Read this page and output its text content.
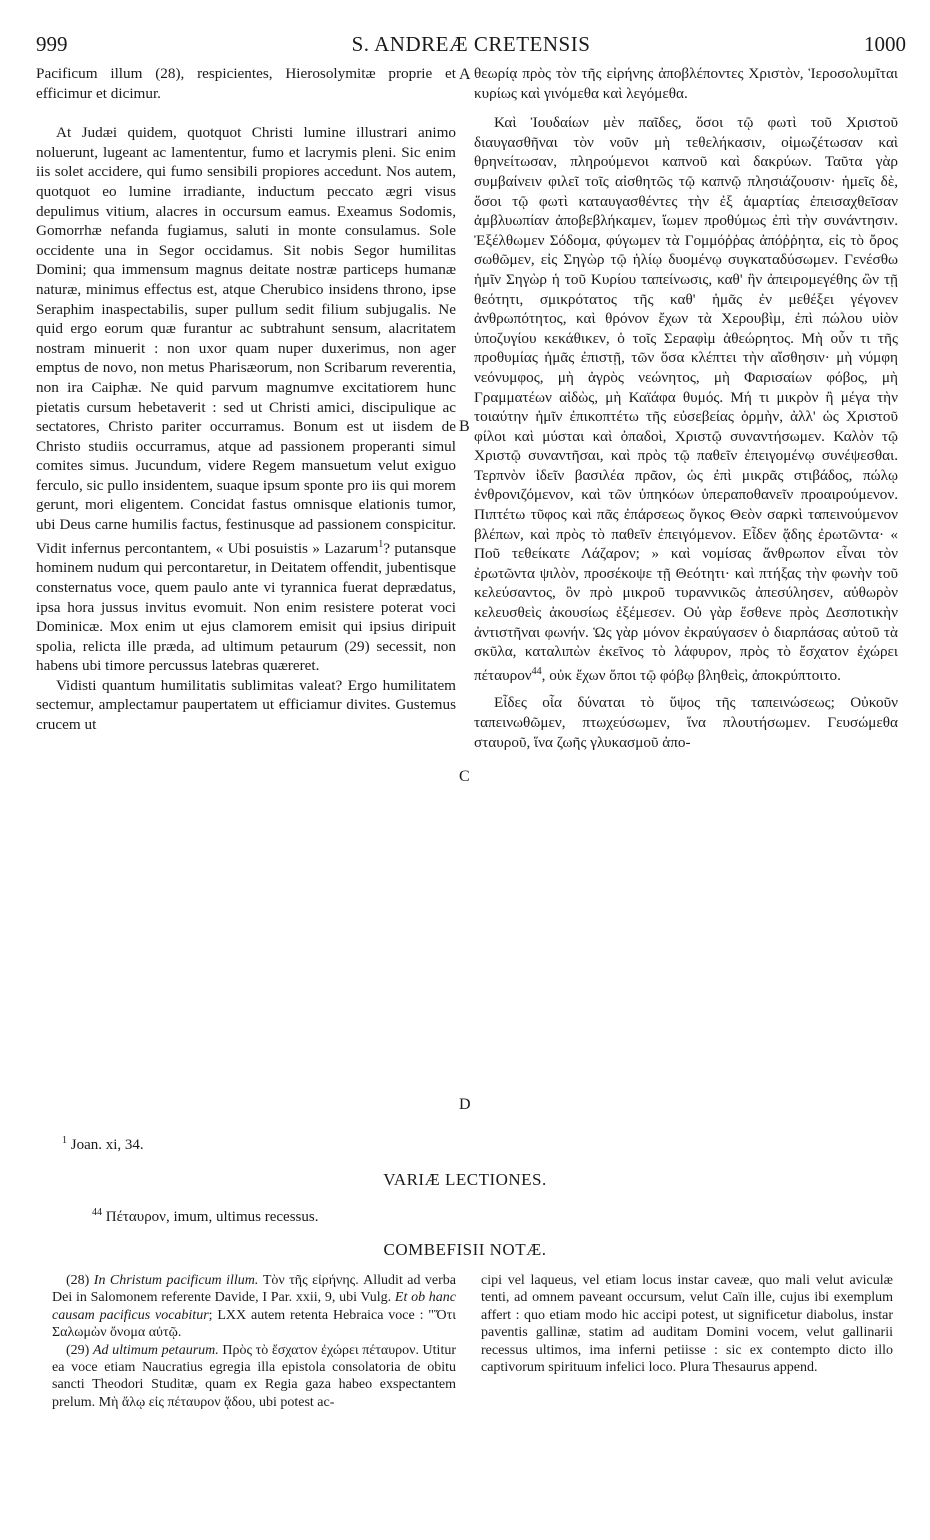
999	S. ANDREÆ CRETENSIS	1000

Pacificum illum (28), respicientes, Hierosolymitæ proprie et efficimur et dicimur.

At Judæi quidem, quotquot Christi lumine illustrari animo noluerunt, lugeant ac lamententur, fumo et lacrymis pleni. Sic enim iis solet accidere, qui fumo sensibili propiores accedunt. Nos autem, quotquot eo lumine irradiante, inductum peccato ægri visus depulimus vitium, alacres in occursum eamus. Exeamus Sodomis, Gomorrhæ nefanda fugiamus, saluti in monte consulamus. Sole occidente una in Segor occidamus. Sit nobis Segor humilitas Domini; qua immensum magnus deitate nostræ particeps humanæ naturæ, minimus effectus est, atque Cherubico insidens throno, ipse Seraphim inaspectabilis, super pullum sedit filium subjugalis. Ne quid ergo eorum quæ furantur ac subtrahunt sensum, alacritatem nostram minuerit : non uxor quam nuper duxerimus, non ager emptus de novo, non metus Pharisæorum, non Scribarum reverentia, non ira Caiphæ. Ne quid parvum magnumve excitatiorem hunc pietatis cursum hebetaverit : sed ut Christi amici, discipulique ac sectatores, Christo pariter occurramus. Bonum est ut iisdem de Christo studiis occurramus, atque ad passionem properanti simul comites simus. Jucundum, videre Regem mansuetum velut exiguo ferculo, sic pullo insidentem, suaque ipsum sponte pro iis qui morem gerunt, mori eligentem. Concidat fastus omnisque elationis tumor, ubi Deus carne humilis factus, festinusque ad passionem conspicitur. Vidit infernus percontantem, « Ubi posuistis » Lazarum$^1$? putansque hominem nudum qui percontaretur, in Deitatem offendit, jubentisque consternatus voce, quem paulo ante vi tyrannica fuerat deprædatus, ipsa hora jussus invitus evomuit. Non enim resistere poterat voci Dominicæ. Mox enim ut ejus clamorem emisit qui ipsius diripuit spolia, relicta ille præda, ad ultimum petaurum (29) secessit, non habens ubi timore percussus latebras quæreret.

Vidisti quantum humilitatis sublimitas valeat? Ergo humilitatem sectemur, amplectamur paupertatem ut efficiamur divites. Gustemus crucem ut

A
B
C
D

θεωρίᾳ πρὸς τὸν τῆς εἰρήνης ἀποβλέποντες Χριστὸν, Ἱεροσολυμῖται κυρίως καὶ γινόμεθα καὶ λεγόμεθα.

Καὶ Ἰουδαίων μὲν παῖδες, ὅσοι τῷ φωτὶ τοῦ Χριστοῦ διαυγασθῆναι τὸν νοῦν μὴ τεθελήκασιν, οἰμωζέτωσαν καὶ θρηνείτωσαν, πληρούμενοι καπνοῦ καὶ δακρύων. Ταῦτα γὰρ συμβαίνειν φιλεῖ τοῖς αἰσθητῶς τῷ καπνῷ πλησιάζουσιν· ἡμεῖς δὲ, ὅσοι τῷ φωτὶ καταυγασθέντες τὴν ἐξ ἁμαρτίας ἐπεισαχθεῖσαν ἀμβλυωπίαν ἀποβεβλήκαμεν, ἴωμεν προθύμως ἐπὶ τὴν συνάντησιν. Ἐξέλθωμεν Σόδομα, φύγωμεν τὰ Γομμόῤῥας ἀπόῤῥητα, εἰς τὸ ὄρος σωθῶμεν, εἰς Σηγὼρ τῷ ἡλίῳ δυομένῳ συγκαταδύσωμεν. Γενέσθω ἡμῖν Σηγὼρ ἡ τοῦ Κυρίου ταπείνωσις, καθ' ἣν ἀπειρομεγέθης ὢν τῇ θεότητι, σμικρότατος τῆς καθ' ἡμᾶς ἐν μεθέξει γέγονεν ἀνθρωπότητος, καὶ θρόνον ἔχων τὰ Χερουβὶμ, ἐπὶ πώλου υἱὸν ὑποζυγίου κεκάθικεν, ὁ τοῖς Σεραφὶμ ἀθεώρητος. Μὴ οὖν τι τῆς προθυμίας ἡμᾶς ἐπιστῇ, τῶν ὅσα κλέπτει τὴν αἴσθησιν· μὴ νύμφη νεόνυμφος, μὴ ἀγρὸς νεώνητος, μὴ Φαρισαίων φόβος, μὴ Γραμματέων αἰδὼς, μὴ Καϊάφα θυμός. Μή τι μικρὸν ἢ μέγα τὴν τοιαύτην ἡμῖν ἐπικοπτέτω τῆς εὐσεβείας ὁρμὴν, ἀλλ' ὡς Χριστοῦ φίλοι καὶ μύσται καὶ ὀπαδοὶ, Χριστῷ συναντήσωμεν. Καλὸν τῷ Χριστῷ συναντῆσαι, καὶ πρὸς τῷ παθεῖν ἐπειγομένῳ συνέψεσθαι. Τερπνὸν ἰδεῖν βασιλέα πρᾶον, ὡς ἐπὶ μικρᾶς στιβάδος, πώλῳ ἐνθρονιζόμενον, καὶ τῶν ὑπηκόων ὑπεραποθανεῖν προαιρούμενον. Πιπτέτω τῦφος καὶ πᾶς ἐπάρσεως ὄγκος Θεὸν σαρκὶ ταπεινούμενον βλέπων, καὶ πρὸς τὸ παθεῖν ἐπειγόμενον. Εἶδεν ᾅδης ἐρωτῶντα· « Ποῦ τεθείκατε Λάζαρον; » καὶ νομίσας ἄνθρωπον εἶναι τὸν ἐρωτῶντα ψιλὸν, προσέκοψε τῇ Θεότητι· καὶ πτήξας τὴν φωνὴν τοῦ κελεύσαντος, ὃν πρὸ μικροῦ τυραννικῶς ἀπεσύλησεν, αὐθωρὸν κελευσθεὶς ἀκουσίως ἐξέμεσεν. Οὐ γὰρ ἔσθενε πρὸς Δεσποτικὴν ἀντιστῆναι φωνήν. Ὡς γὰρ μόνον ἐκραύγασεν ὁ διαρπάσας αὐτοῦ τὰ σκῦλα, καταλιπὼν ἐκεῖνος τὸ λάφυρον, πρὸς τὸ ἔσχατον ἐχώρει πέταυρον$^{44}$, οὐκ ἔχων ὅποι τῷ φόβῳ βληθεὶς, ἀποκρύπτοιτο.

Εἶδες οἷα δύναται τὸ ὕψος τῆς ταπεινώσεως; Οὐκοῦν ταπεινωθῶμεν, πτωχεύσωμεν, ἵνα πλουτήσωμεν. Γευσώμεθα σταυροῦ, ἵνα ζωῆς γλυκασμοῦ ἀπο-

$^1$ Joan. xi, 34.
VARIÆ LECTIONES.
$^{44}$ Πέταυρον, imum, ultimus recessus.
COMBEFISII NOTÆ.

(28) In Christum pacificum illum. Τὸν τῆς εἰρήνης. Alludit ad verba Dei in Salomonem referente Davide, I Par. xxii, 9, ubi Vulg. Et ob hanc causam pacificus vocabitur; LXX autem retenta Hebraica voce : "Ὅτι Σαλωμὼν ὄνομα αὐτῷ.

(29) Ad ultimum petaurum. Πρὸς τὸ ἔσχατον ἐχώρει πέταυρον. Utitur ea voce etiam Naucratius egregia illa epistola consolatoria de obitu sancti Theodori Studitæ, quam ex Regia gaza habeo exspectantem prelum. Μὴ ἄλῳ εἰς πέταυρον ᾅδου, ubi potest ac-

cipi vel laqueus, vel etiam locus instar caveæ, quo mali velut aviculæ tenti, ad omnem paveant occursum, velut Caïn ille, cujus ibi exemplum affert : quo etiam modo hic accipi potest, ut significetur diabolus, instar paventis gallinæ, statim ad auditam Domini vocem, velut gallinarii recessus ultimos, ima inferni petiisse : sic ex contempto dicto illo captivorum spirituum infelici loco. Plura Thesaurus append.
